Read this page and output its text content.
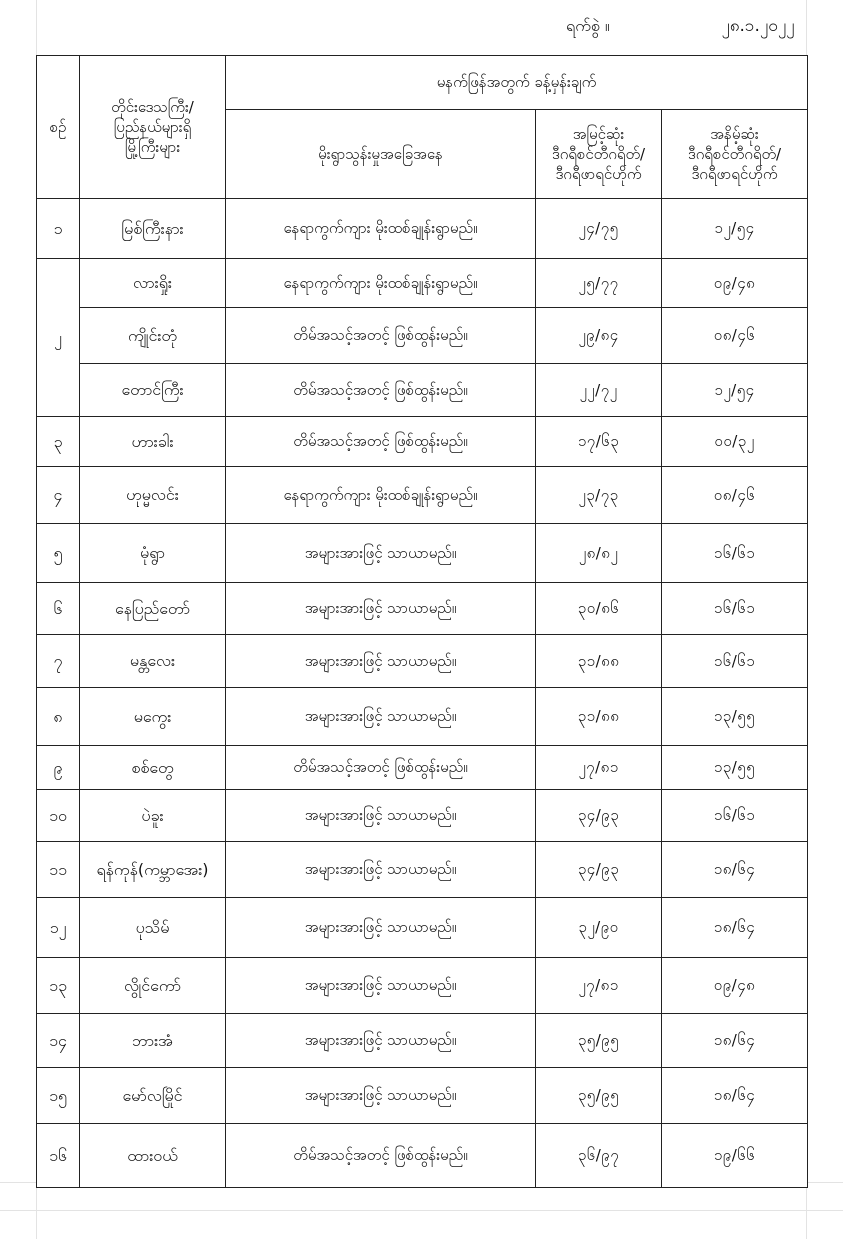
ရက်စွဲ ။	၂၈.၁.၂၀၂၂
စဉ်	တိုင်းဒေသကြီး/
ပြည်နယ်များရှိ
မြို့ကြီးများ	မနက်ဖြန်အတွက် ခန့်မှန်းချက်		
		မိုးရွာသွန်းမှုအခြေအနေ	အမြင့်ဆုံး
ဒီဂရီစင်တီဂရိတ်/
ဒီဂရီဖာရင်ဟိုက်	အနိမ့်ဆုံး
ဒီဂရီစင်တီဂရိတ်/
ဒီဂရီဖာရင်ဟိုက်

၁	မြစ်ကြီးနား	နေရာကွက်ကျား မိုးထစ်ချုန်းရွာမည်။	၂၄/၇၅	၁၂/၅၄
၂	လားရှိုး	နေရာကွက်ကျား မိုးထစ်ချုန်းရွာမည်။	၂၅/၇၇	၀၉/၄၈
	ကျိုင်းတုံ	တိမ်အသင့်အတင့် ဖြစ်ထွန်းမည်။	၂၉/၈၄	၀၈/၄၆
	တောင်ကြီး	တိမ်အသင့်အတင့် ဖြစ်ထွန်းမည်။	၂၂/၇၂	၁၂/၅၄
၃	ဟားခါး	တိမ်အသင့်အတင့် ဖြစ်ထွန်းမည်။	၁၇/၆၃	၀၀/၃၂
၄	ဟုမ္မလင်း	နေရာကွက်ကျား မိုးထစ်ချုန်းရွာမည်။	၂၃/၇၃	၀၈/၄၆
၅	မုံရွာ	အများအားဖြင့် သာယာမည်။	၂၈/၈၂	၁၆/၆၁
၆	နေပြည်တော်	အများအားဖြင့် သာယာမည်။	၃၀/၈၆	၁၆/၆၁
၇	မန္တလေး	အများအားဖြင့် သာယာမည်။	၃၁/၈၈	၁၆/၆၁
၈	မကွေး	အများအားဖြင့် သာယာမည်။	၃၁/၈၈	၁၃/၅၅
၉	စစ်တွေ	တိမ်အသင့်အတင့် ဖြစ်ထွန်းမည်။	၂၇/၈၁	၁၃/၅၅
၁၀	ပဲခူး	အများအားဖြင့် သာယာမည်။	၃၄/၉၃	၁၆/၆၁
၁၁	ရန်ကုန်(ကမ္ဘာအေး)	အများအားဖြင့် သာယာမည်။	၃၄/၉၃	၁၈/၆၄
၁၂	ပုသိမ်	အများအားဖြင့် သာယာမည်။	၃၂/၉၀	၁၈/၆၄
၁၃	လွိုင်ကော်	အများအားဖြင့် သာယာမည်။	၂၇/၈၁	၀၉/၄၈
၁၄	ဘားအံ	အများအားဖြင့် သာယာမည်။	၃၅/၉၅	၁၈/၆၄
၁၅	မော်လမြိုင်	အများအားဖြင့် သာယာမည်။	၃၅/၉၅	၁၈/၆၄
၁၆	ထားဝယ်	တိမ်အသင့်အတင့် ဖြစ်ထွန်းမည်။	၃၆/၉၇	၁၉/၆၆
